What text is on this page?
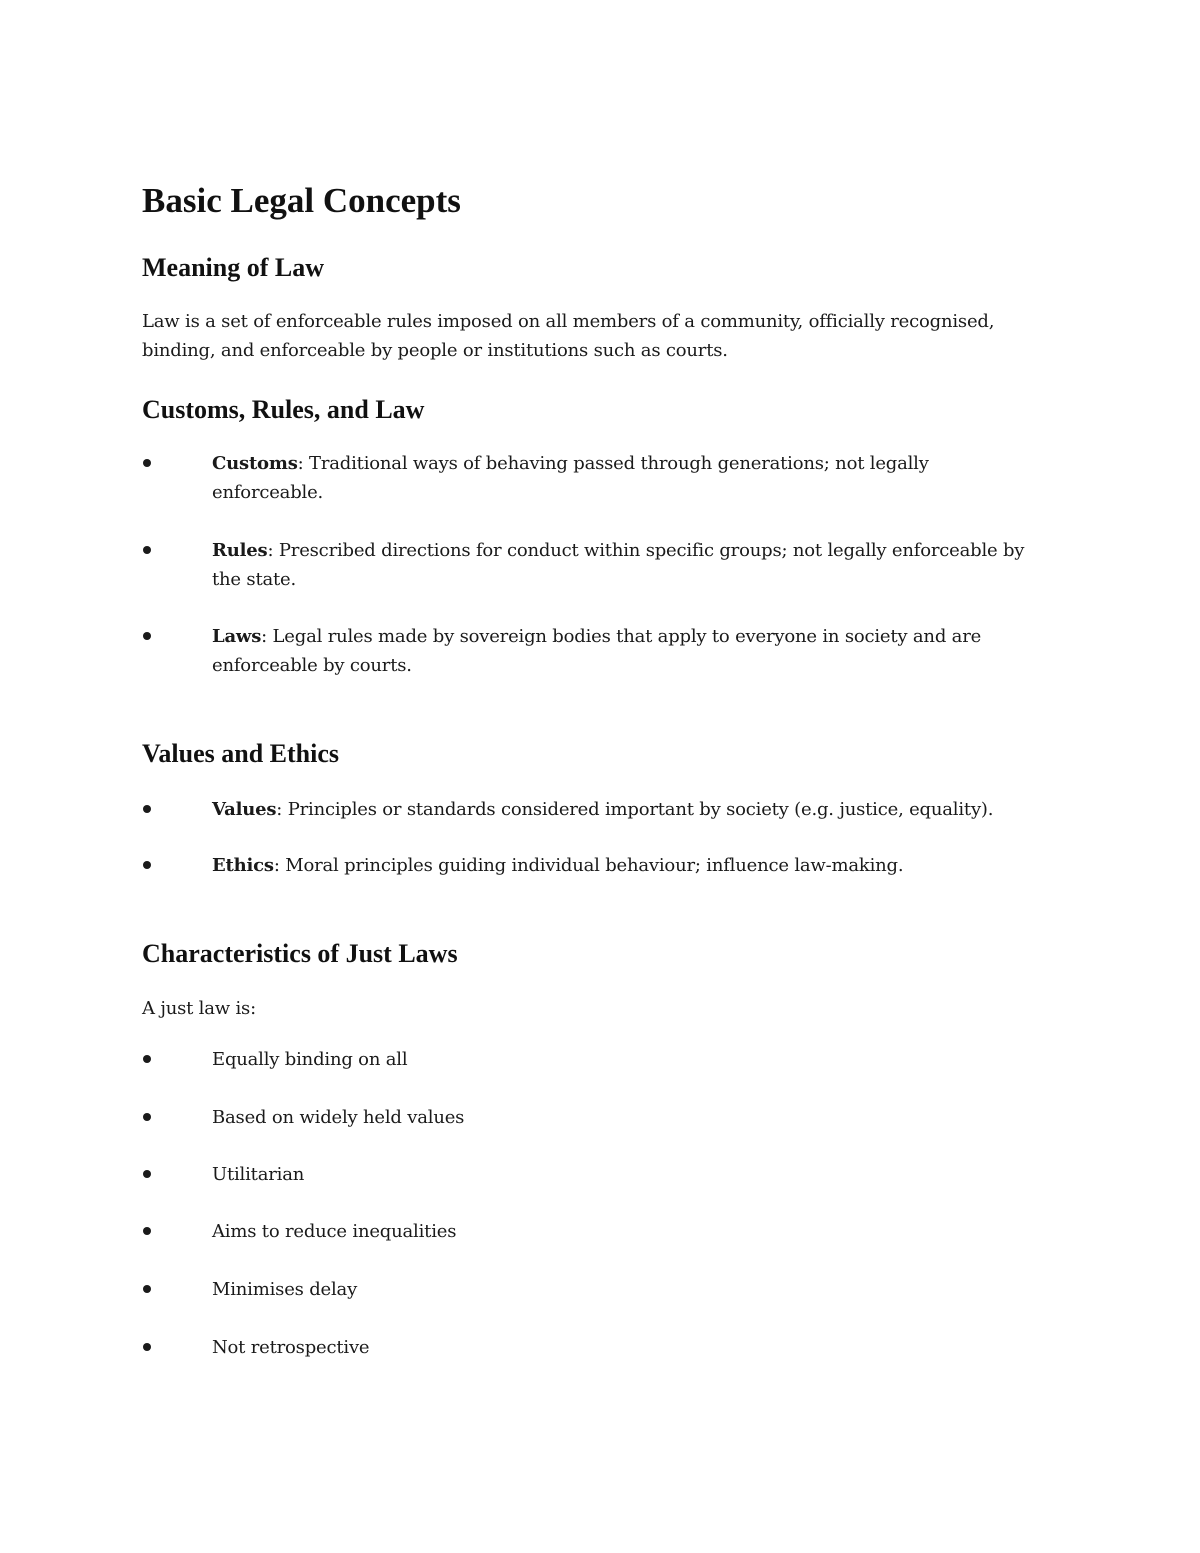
Basic Legal Concepts
Meaning of Law

Law is a set of enforceable rules imposed on all members of a community, officially recognised, binding, and enforceable by people or institutions such as courts.

Customs, Rules, and Law
Customs: Traditional ways of behaving passed through generations; not legally enforceable.
Rules: Prescribed directions for conduct within specific groups; not legally enforceable by the state.
Laws: Legal rules made by sovereign bodies that apply to everyone in society and are enforceable by courts.
Values and Ethics
Values: Principles or standards considered important by society (e.g. justice, equality).
Ethics: Moral principles guiding individual behaviour; influence law-making.
Characteristics of Just Laws

A just law is:

Equally binding on all
Based on widely held values
Utilitarian
Aims to reduce inequalities
Minimises delay
Not retrospective
